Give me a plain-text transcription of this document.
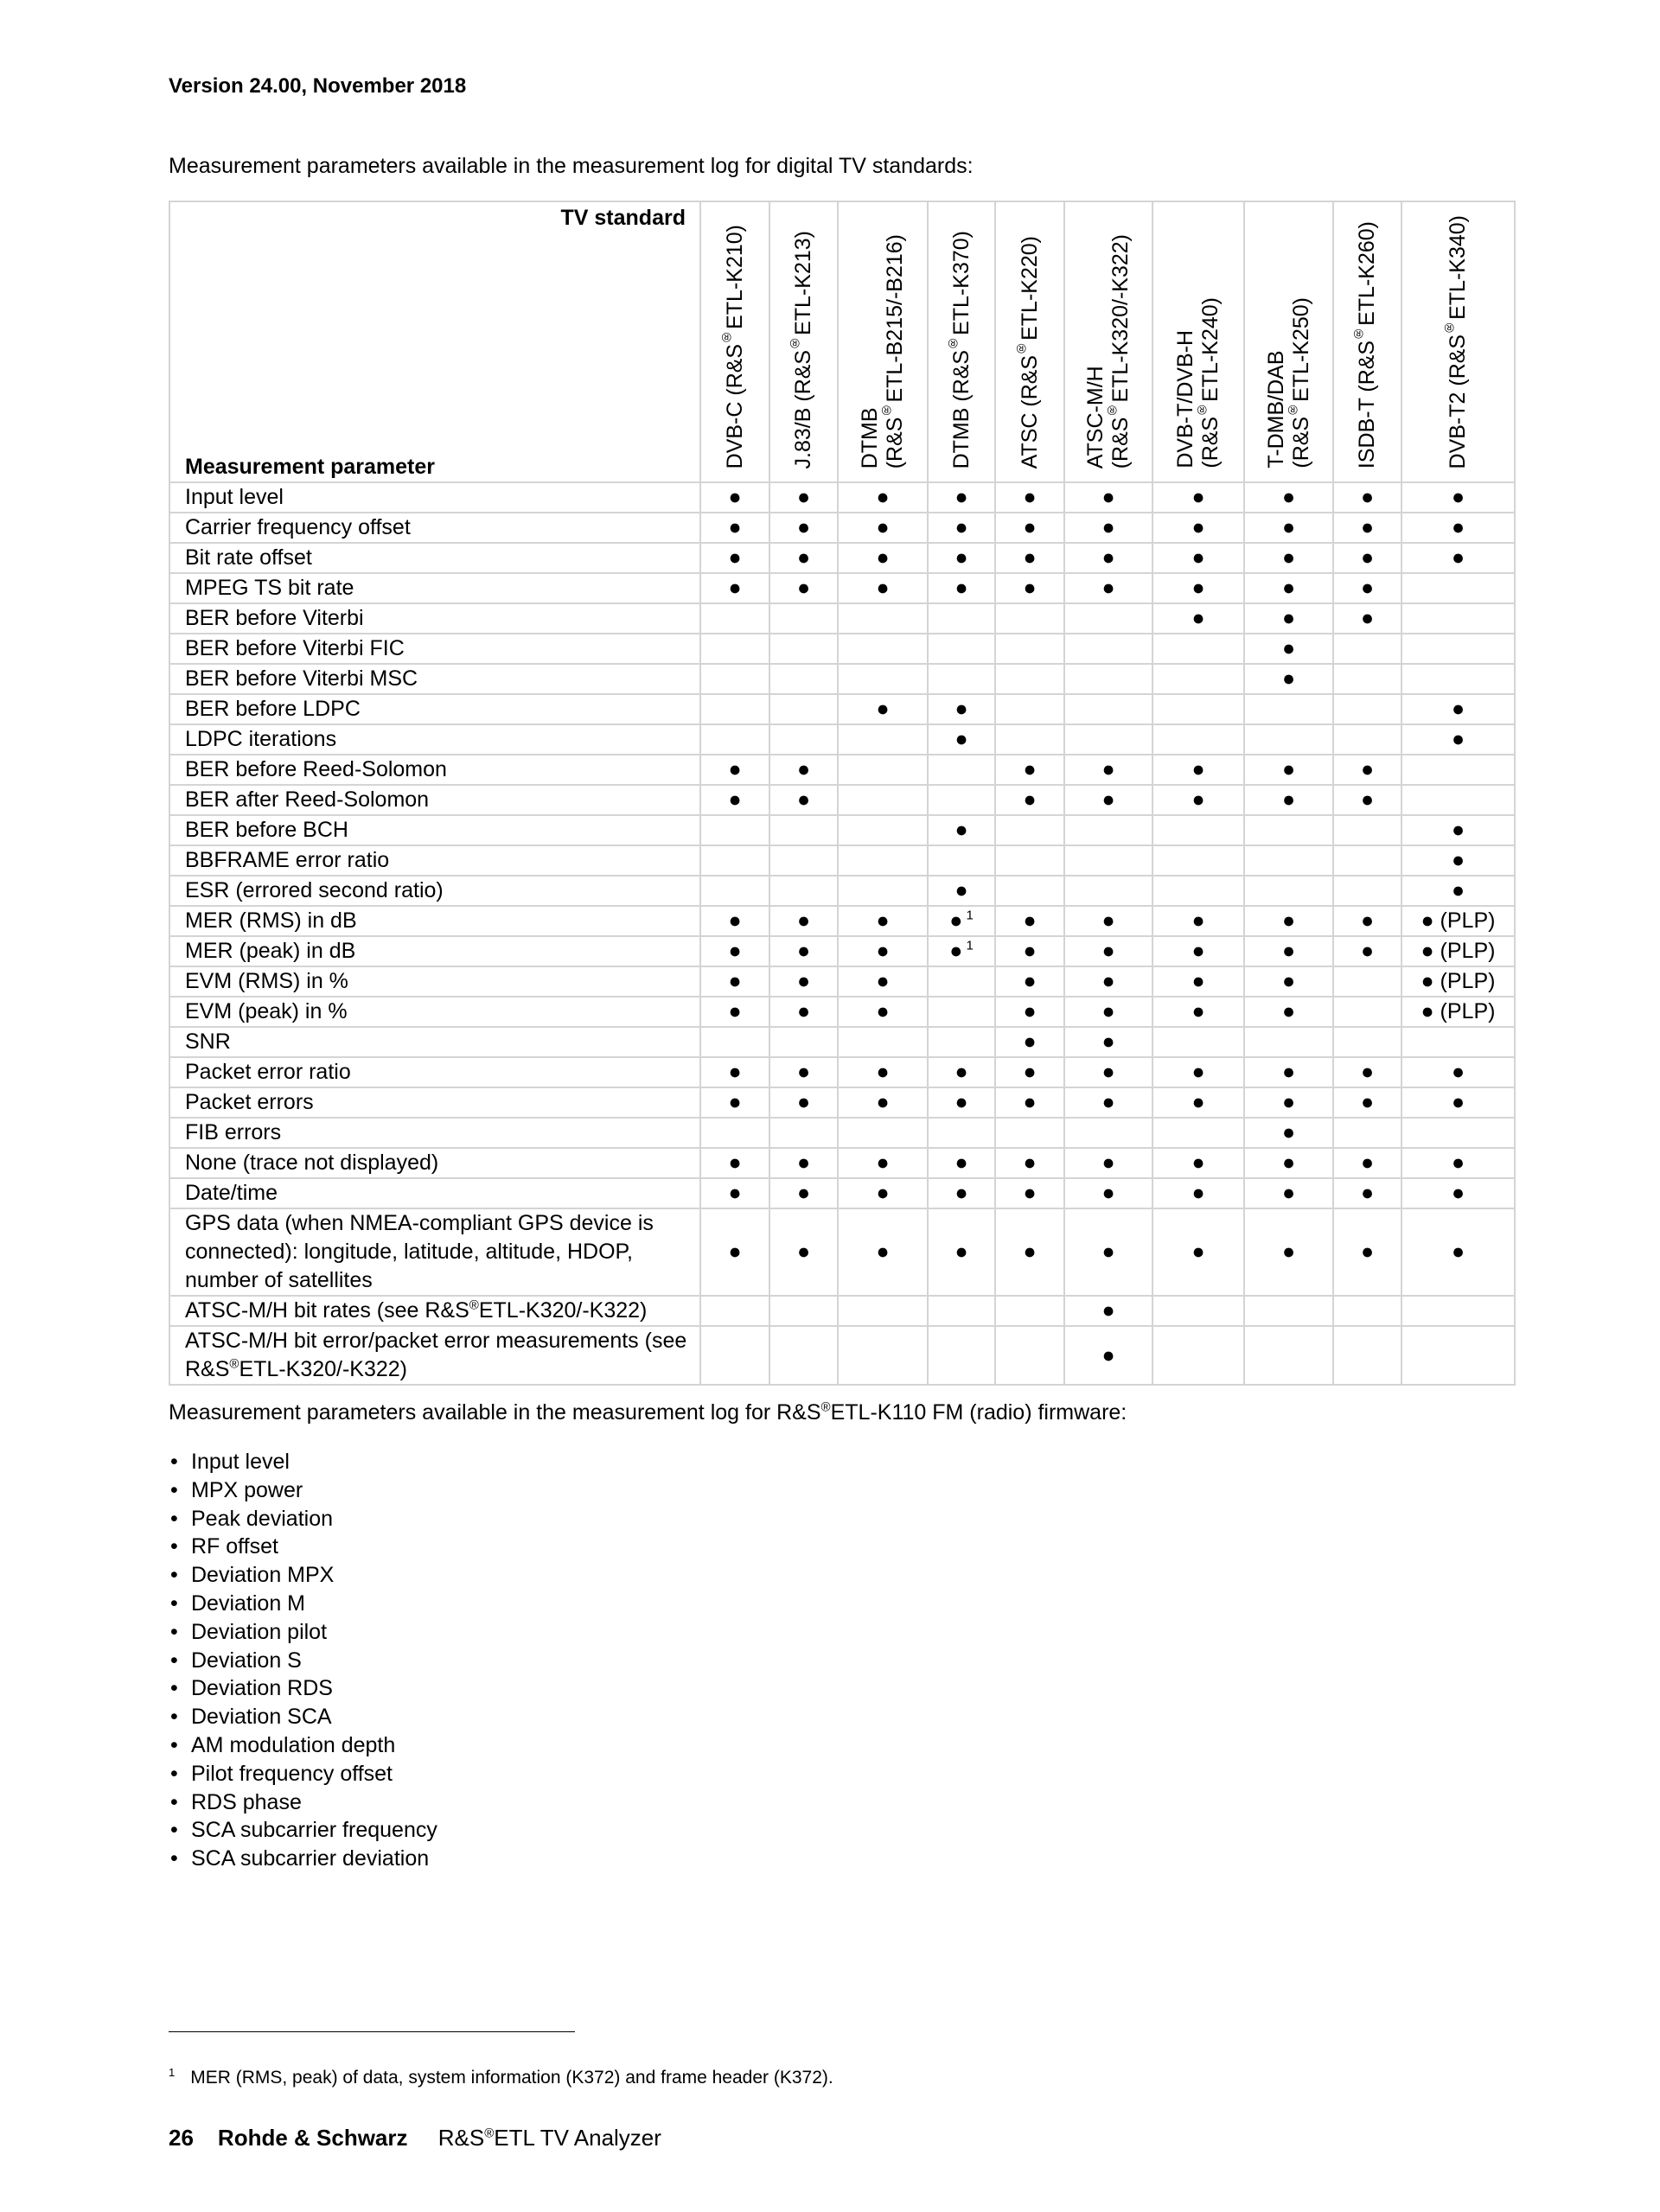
Version 24.00, November 2018
Measurement parameters available in the measurement log for digital TV standards:
TV standard
Measurement parameter	DVB-C (R&S®ETL-K210)	J.83/B (R&S®ETL-K213)	DTMB
(R&S®ETL-B215/-B216)	DTMB (R&S®ETL-K370)	ATSC (R&S®ETL-K220)	ATSC-M/H
(R&S®ETL-K320/-K322)	DVB-T/DVB-H
(R&S®ETL-K240)	T-DMB/DAB
(R&S®ETL-K250)	ISDB-T (R&S®ETL-K260)	DVB-T2 (R&S®ETL-K340)
Input level	●	●	●	●	●	●	●	●	●	●
Carrier frequency offset	●	●	●	●	●	●	●	●	●	●
Bit rate offset	●	●	●	●	●	●	●	●	●	●
MPEG TS bit rate	●	●	●	●	●	●	●	●	●	
BER before Viterbi							●	●	●	
BER before Viterbi FIC								●		
BER before Viterbi MSC								●		
BER before LDPC			●	●						●
LDPC iterations				●						●
BER before Reed-Solomon	●	●			●	●	●	●	●	
BER after Reed-Solomon	●	●			●	●	●	●	●	
BER before BCH				●						●
BBFRAME error ratio										●
ESR (errored second ratio)				●						●
MER (RMS) in dB	●	●	●	● $^1$	●	●	●	●	●	● (PLP)
MER (peak) in dB	●	●	●	● $^1$	●	●	●	●	●	● (PLP)
EVM (RMS) in %	●	●	●		●	●	●	●		● (PLP)
EVM (peak) in %	●	●	●		●	●	●	●		● (PLP)
SNR					●	●				
Packet error ratio	●	●	●	●	●	●	●	●	●	●
Packet errors	●	●	●	●	●	●	●	●	●	●
FIB errors								●		
None (trace not displayed)	●	●	●	●	●	●	●	●	●	●
Date/time	●	●	●	●	●	●	●	●	●	●
GPS data (when NMEA-compliant GPS device is connected): longitude, latitude, altitude, HDOP, number of satellites	●	●	●	●	●	●	●	●	●	●
ATSC-M/H bit rates (see R&S®ETL-K320/-K322)						●				
ATSC-M/H bit error/packet error measurements (see R&S®ETL-K320/-K322)						●				
Measurement parameters available in the measurement log for R&S®ETL-K110 FM (radio) firmware:
• Input level
• MPX power
• Peak deviation
• RF offset
• Deviation MPX
• Deviation M
• Deviation pilot
• Deviation S
• Deviation RDS
• Deviation SCA
• AM modulation depth
• Pilot frequency offset
• RDS phase
• SCA subcarrier frequency
• SCA subcarrier deviation
$^1$ MER (RMS, peak) of data, system information (K372) and frame header (K372).
26 Rohde & Schwarz R&S®ETL TV Analyzer
